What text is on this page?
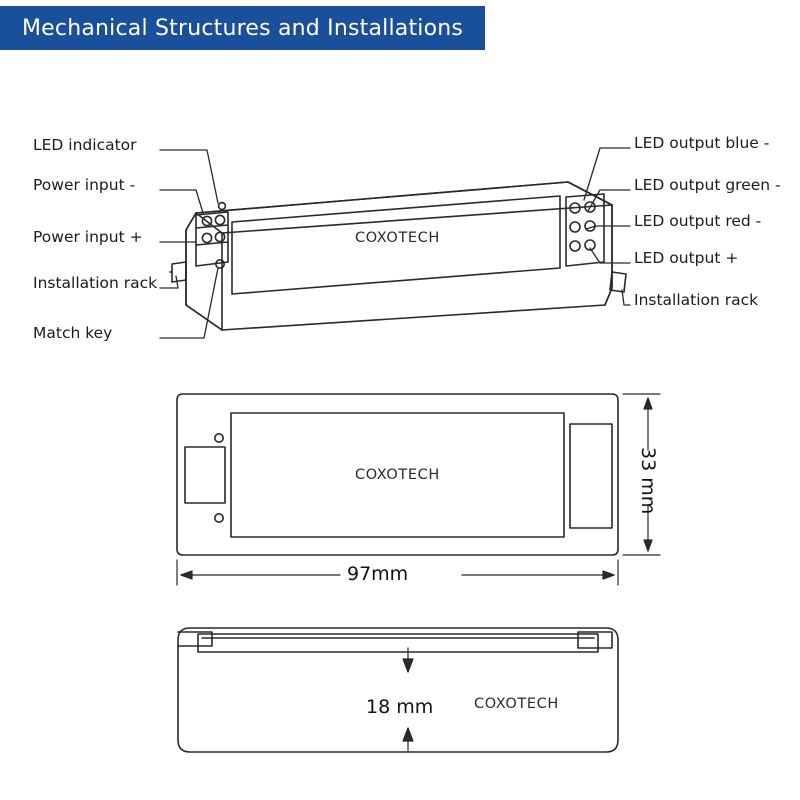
Mechanical Structures and Installations
LED indicator
Power input -
Power input +
Installation rack
Match key
LED output blue -
LED output green -
LED output red -
LED output +
Installation rack
COXOTECH
COXOTECH
COXOTECH
97mm
33 mm
18 mm
